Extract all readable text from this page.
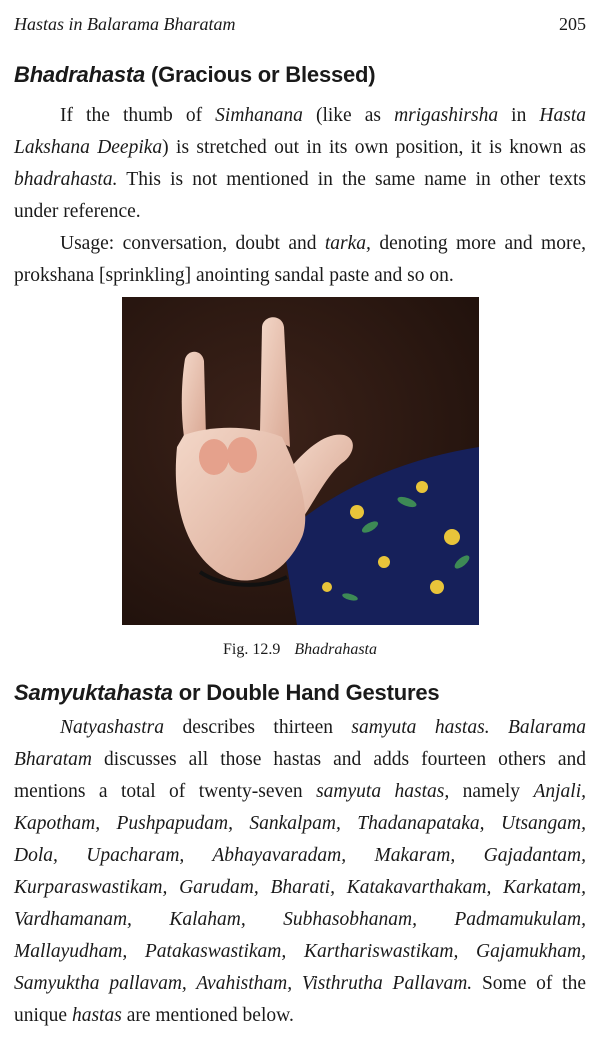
Hastas in Balarama Bharatam	205
Bhadrahasta (Gracious or Blessed)

If the thumb of Simhanana (like as mrigashirsha in Hasta Lakshana Deepika) is stretched out in its own position, it is known as bhadrahasta. This is not mentioned in the same name in other texts under reference.

Usage: conversation, doubt and tarka, denoting more and more, prokshana [sprinkling] anointing sandal paste and so on.

Fig. 12.9 Bhadrahasta
Samyuktahasta or Double Hand Gestures

Natyashastra describes thirteen samyuta hastas. Balarama Bharatam discusses all those hastas and adds fourteen others and mentions a total of twenty-seven samyuta hastas, namely Anjali, Kapotham, Pushpapudam, Sankalpam, Thadanapataka, Utsangam, Dola, Upacharam, Abhayavaradam, Makaram, Gajadantam, Kurparaswastikam, Garudam, Bharati, Katakavarthakam, Karkatam, Vardhamanam, Kalaham, Subhasobhanam, Padmamukulam, Mallayudham, Patakaswastikam, Karthariswastikam, Gajamukham, Samyuktha pallavam, Avahistham, Visthrutha Pallavam. Some of the unique hastas are mentioned below.
